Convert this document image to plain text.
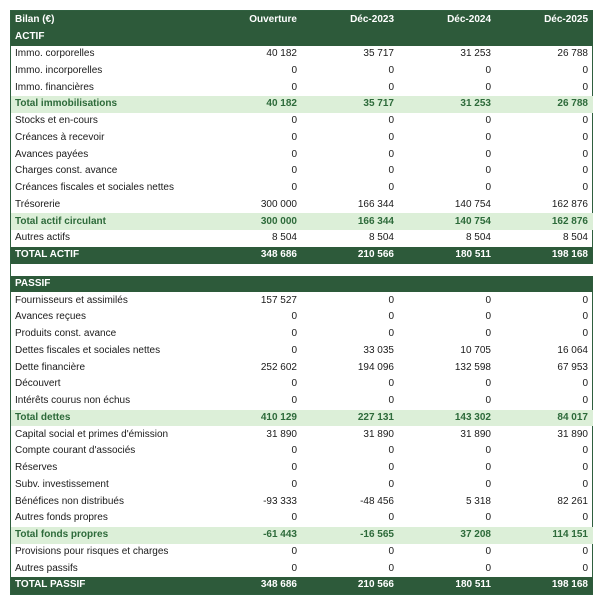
Bilan (€)	Ouverture	Déc-2023	Déc-2024	Déc-2025
ACTIF				
Immo. corporelles	40 182	35 717	31 253	26 788
Immo. incorporelles	0	0	0	0
Immo. financières	0	0	0	0
Total immobilisations	40 182	35 717	31 253	26 788
Stocks et en-cours	0	0	0	0
Créances à recevoir	0	0	0	0
Avances payées	0	0	0	0
Charges const. avance	0	0	0	0
Créances fiscales et sociales nettes	0	0	0	0
Trésorerie	300 000	166 344	140 754	162 876
Total actif circulant	300 000	166 344	140 754	162 876
Autres actifs	8 504	8 504	8 504	8 504
TOTAL ACTIF	348 686	210 566	180 511	198 168

PASSIF				
Fournisseurs et assimilés	157 527	0	0	0
Avances reçues	0	0	0	0
Produits const. avance	0	0	0	0
Dettes fiscales et sociales nettes	0	33 035	10 705	16 064
Dette financière	252 602	194 096	132 598	67 953
Découvert	0	0	0	0
Intérêts courus non échus	0	0	0	0
Total dettes	410 129	227 131	143 302	84 017
Capital social et primes d'émission	31 890	31 890	31 890	31 890
Compte courant d'associés	0	0	0	0
Réserves	0	0	0	0
Subv. investissement	0	0	0	0
Bénéfices non distribués	-93 333	-48 456	5 318	82 261
Autres fonds propres	0	0	0	0
Total fonds propres	-61 443	-16 565	37 208	114 151
Provisions pour risques et charges	0	0	0	0
Autres passifs	0	0	0	0
TOTAL PASSIF	348 686	210 566	180 511	198 168
